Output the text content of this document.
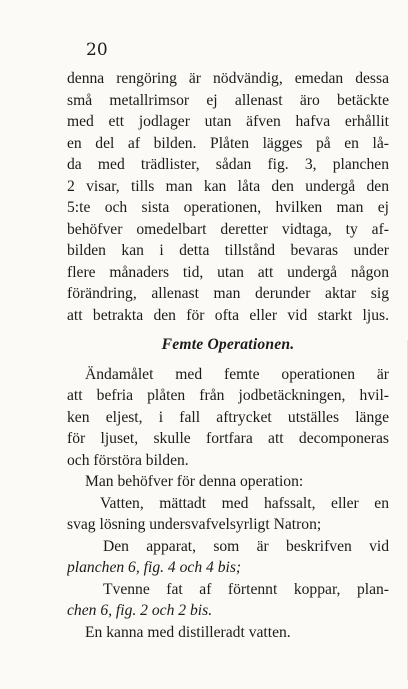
20
denna rengöring är nödvändig, emedan dessa
små metallrimsor ej allenast äro betäckte
med ett jodlager utan äfven hafva erhållit
en del af bilden. Plåten lägges på en lå-
da med trädlister, sådan fig. 3, planchen
2 visar, tills man kan låta den undergå den
5:te och sista operationen, hvilken man ej
behöfver omedelbart deretter vidtaga, ty af-
bilden kan i detta tillstånd bevaras under
flere månaders tid, utan att undergå någon
förändring, allenast man derunder aktar sig
att betrakta den för ofta eller vid starkt ljus.
Femte Operationen.
Ändamålet med femte operationen är
att befria plåten från jodbetäckningen, hvil-
ken eljest, i fall aftrycket utställes länge
för ljuset, skulle fortfara att decomponeras
och förstöra bilden.
Man behöfver för denna operation:
Vatten, mättadt med hafssalt, eller en
svag lösning undersvafvelsyrligt Natron;
Den apparat, som är beskrifven vid
planchen 6, fig. 4 och 4 bis;
Tvenne fat af förtennt koppar, plan-
chen 6, fig. 2 och 2 bis.
En kanna med distilleradt vatten.
